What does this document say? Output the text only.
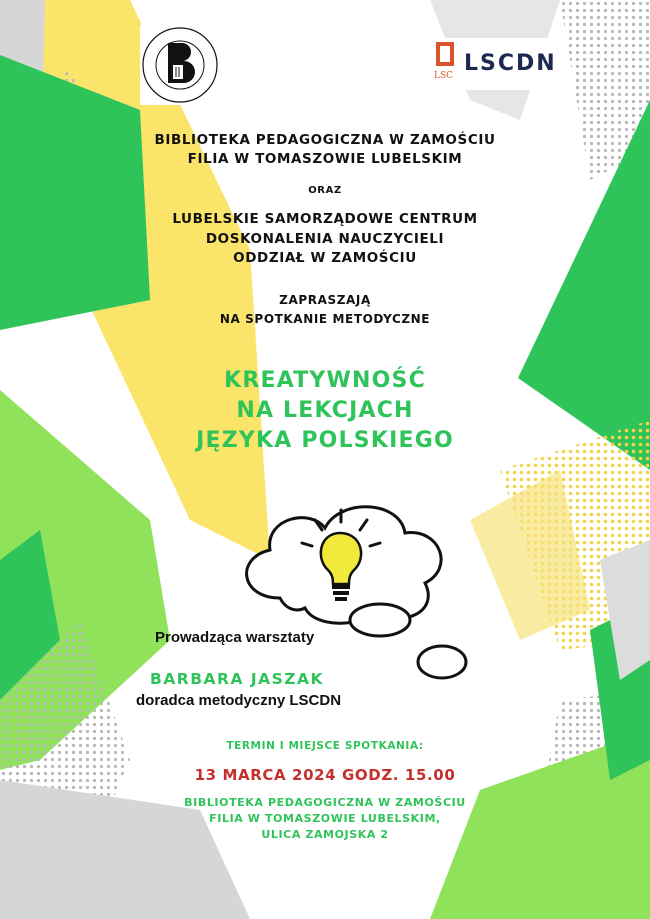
LSC LSCDN
BIBLIOTEKA PEDAGOGICZNA W ZAMOŚCIU
FILIA W TOMASZOWIE LUBELSKIM
ORAZ
LUBELSKIE SAMORZĄDOWE CENTRUM
DOSKONALENIA NAUCZYCIELI
ODDZIAŁ W ZAMOŚCIU
ZAPRASZAJĄ
NA SPOTKANIE METODYCZNE
KREATYWNOŚĆ
NA LEKCJACH
JĘZYKA POLSKIEGO
Prowadząca warsztaty
BARBARA JASZAK
doradca metodyczny LSCDN
TERMIN I MIEJSCE SPOTKANIA:
13 MARCA 2024 GODZ. 15.00
BIBLIOTEKA PEDAGOGICZNA W ZAMOŚCIU
FILIA W TOMASZOWIE LUBELSKIM,
ULICA ZAMOJSKA 2
